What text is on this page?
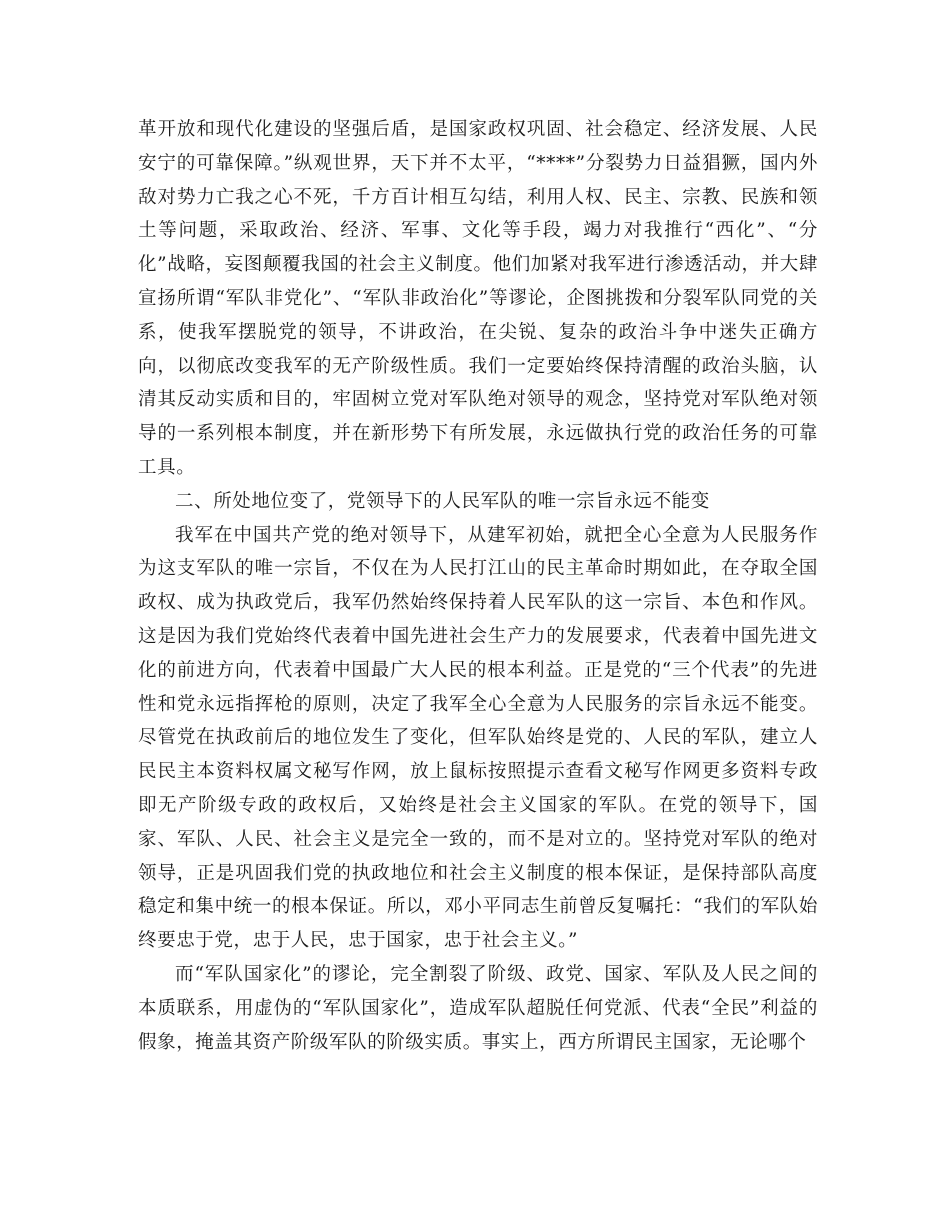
革开放和现代化建设的坚强后盾，是国家政权巩固、社会稳定、经济发展、人民安宁的可靠保障。”纵观世界，天下并不太平，“****”分裂势力日益猖獗，国内外敌对势力亡我之心不死，千方百计相互勾结，利用人权、民主、宗教、民族和领土等问题，采取政治、经济、军事、文化等手段，竭力对我推行“西化”、“分化”战略，妄图颠覆我国的社会主义制度。他们加紧对我军进行渗透活动，并大肆宣扬所谓“军队非党化”、“军队非政治化”等谬论，企图挑拨和分裂军队同党的关系，使我军摆脱党的领导，不讲政治，在尖锐、复杂的政治斗争中迷失正确方向，以彻底改变我军的无产阶级性质。我们一定要始终保持清醒的政治头脑，认清其反动实质和目的，牢固树立党对军队绝对领导的观念，坚持党对军队绝对领导的一系列根本制度，并在新形势下有所发展，永远做执行党的政治任务的可靠工具。

二、所处地位变了，党领导下的人民军队的唯一宗旨永远不能变

我军在中国共产党的绝对领导下，从建军初始，就把全心全意为人民服务作为这支军队的唯一宗旨，不仅在为人民打江山的民主革命时期如此，在夺取全国政权、成为执政党后，我军仍然始终保持着人民军队的这一宗旨、本色和作风。这是因为我们党始终代表着中国先进社会生产力的发展要求，代表着中国先进文化的前进方向，代表着中国最广大人民的根本利益。正是党的“三个代表”的先进性和党永远指挥枪的原则，决定了我军全心全意为人民服务的宗旨永远不能变。尽管党在执政前后的地位发生了变化，但军队始终是党的、人民的军队，建立人民民主本资料权属文秘写作网，放上鼠标按照提示查看文秘写作网更多资料专政即无产阶级专政的政权后，又始终是社会主义国家的军队。在党的领导下，国家、军队、人民、社会主义是完全一致的，而不是对立的。坚持党对军队的绝对领导，正是巩固我们党的执政地位和社会主义制度的根本保证，是保持部队高度稳定和集中统一的根本保证。所以，邓小平同志生前曾反复嘱托：“我们的军队始终要忠于党，忠于人民，忠于国家，忠于社会主义。”

而“军队国家化”的谬论，完全割裂了阶级、政党、国家、军队及人民之间的本质联系，用虚伪的“军队国家化”，造成军队超脱任何党派、代表“全民”利益的假象，掩盖其资产阶级军队的阶级实质。事实上，西方所谓民主国家，无论哪个
